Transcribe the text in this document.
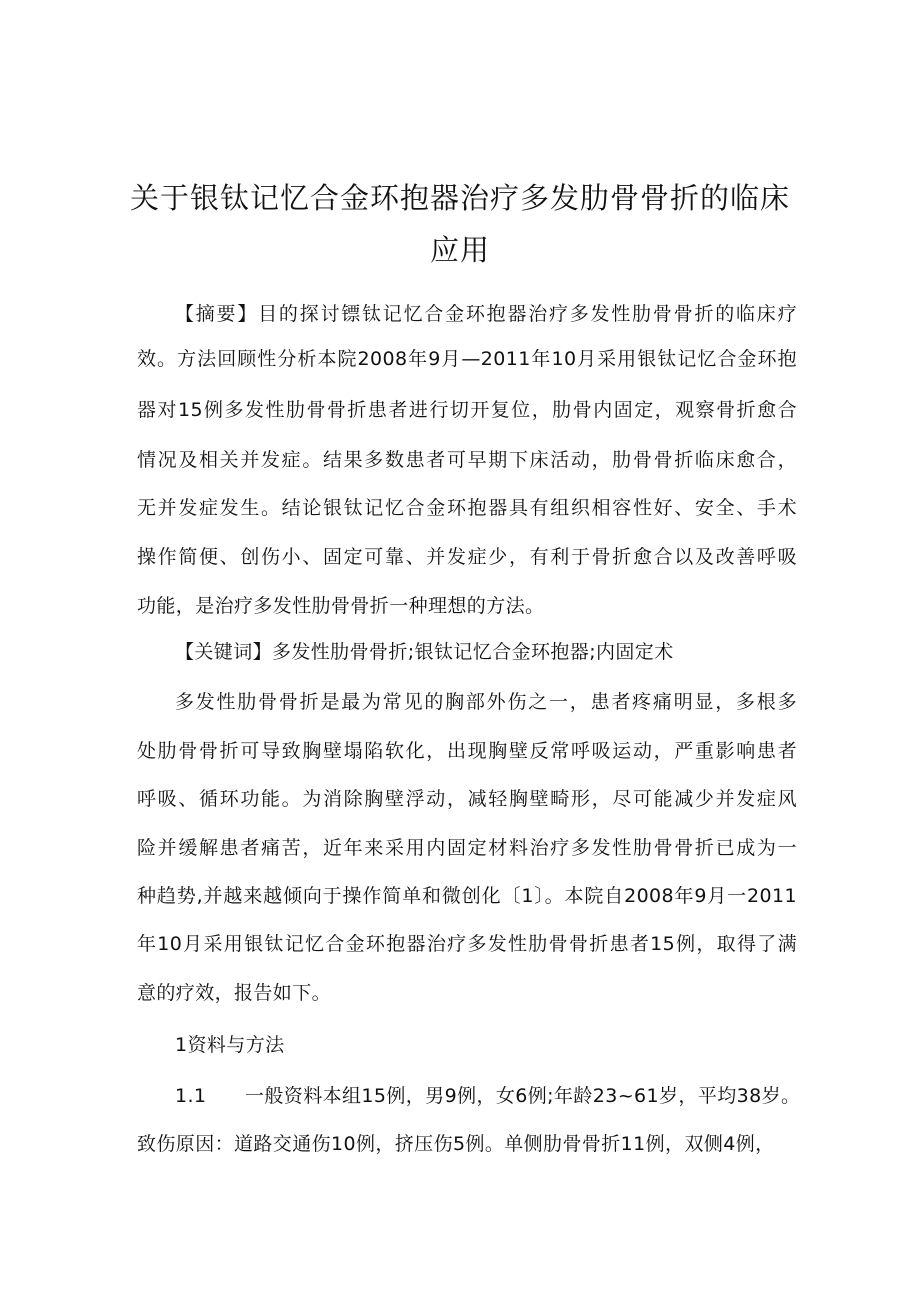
关于银钛记忆合金环抱器治疗多发肋骨骨折的临床
应用
【摘要】目的探讨镖钛记忆合金环抱器治疗多发性肋骨骨折的临床疗
效。方法回顾性分析本院2008年9月—2011年10月采用银钛记忆合金环抱
器对15例多发性肋骨骨折患者进行切开复位，肋骨内固定，观察骨折愈合
情况及相关并发症。结果多数患者可早期下床活动，肋骨骨折临床愈合，
无并发症发生。结论银钛记忆合金环抱器具有组织相容性好、安全、手术
操作简便、创伤小、固定可靠、并发症少，有利于骨折愈合以及改善呼吸
功能，是治疗多发性肋骨骨折一种理想的方法。
【关键词】多发性肋骨骨折;银钛记忆合金环抱器;内固定术
多发性肋骨骨折是最为常见的胸部外伤之一，患者疼痛明显，多根多
处肋骨骨折可导致胸壁塌陷软化，出现胸壁反常呼吸运动，严重影响患者
呼吸、循环功能。为消除胸壁浮动，减轻胸壁畸形，尽可能减少并发症风
险并缓解患者痛苦，近年来采用内固定材料治疗多发性肋骨骨折已成为一
种趋势,并越来越倾向于操作简单和微创化〔1〕。本院自2008年9月一2011
年10月采用银钛记忆合金环抱器治疗多发性肋骨骨折患者15例，取得了满
意的疗效，报告如下。
1资料与方法
1.1 一般资料本组15例，男9例，女6例;年龄23~61岁，平均38岁。
致伤原因：道路交通伤10例，挤压伤5例。单侧肋骨骨折11例，双侧4例，
